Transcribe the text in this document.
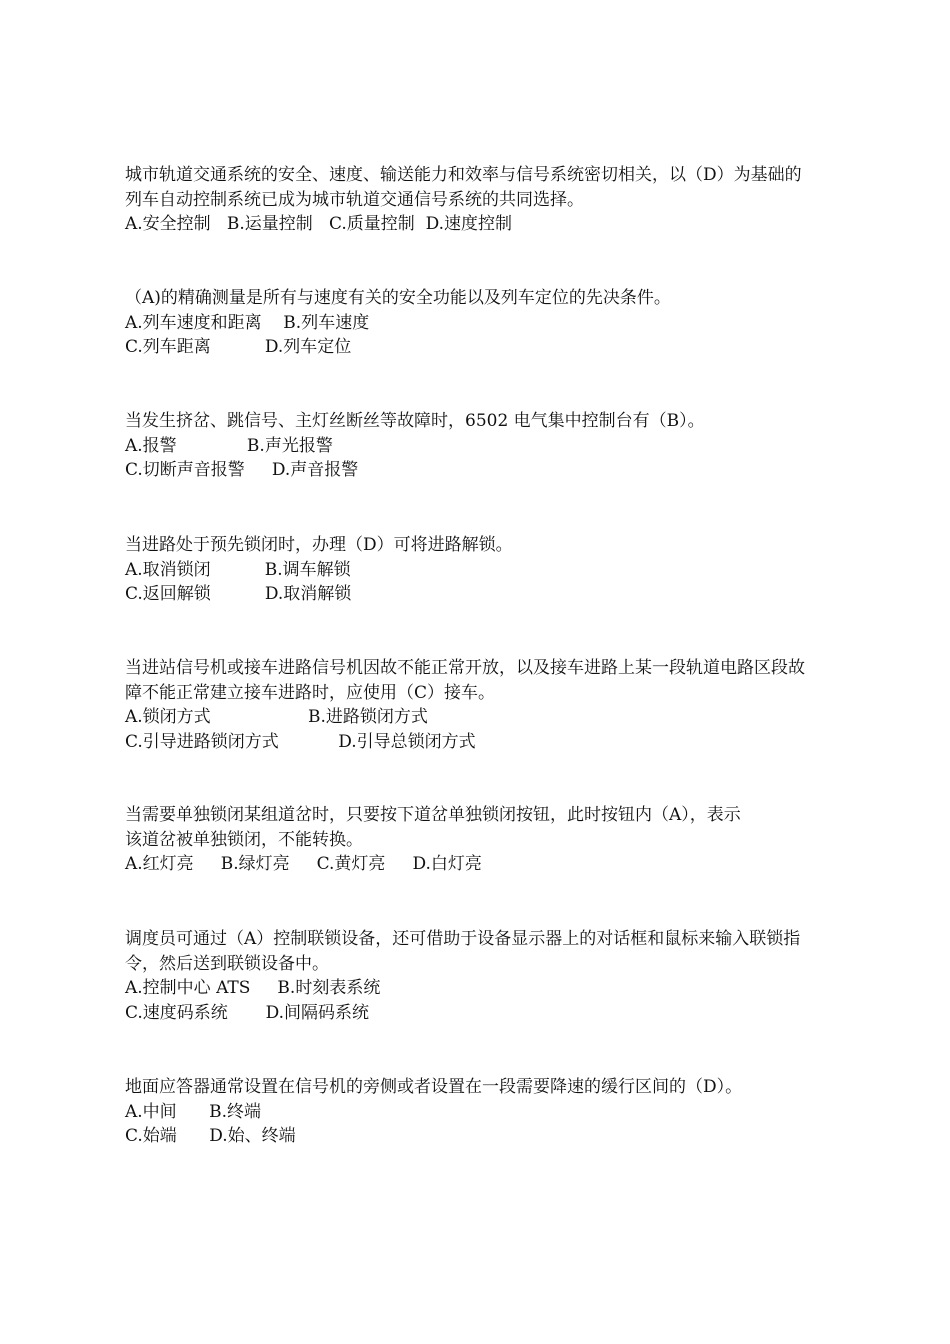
城市轨道交通系统的安全、速度、输送能力和效率与信号系统密切相关，以（D）为基础的
列车自动控制系统已成为城市轨道交通信号系统的共同选择。
A.安全控制   B.运量控制   C.质量控制  D.速度控制
（A)的精确测量是所有与速度有关的安全功能以及列车定位的先决条件。
A.列车速度和距离    B.列车速度
C.列车距离          D.列车定位
当发生挤岔、跳信号、主灯丝断丝等故障时，6502 电气集中控制台有（B）。
A.报警             B.声光报警
C.切断声音报警     D.声音报警
当进路处于预先锁闭时，办理（D）可将进路解锁。
A.取消锁闭          B.调车解锁
C.返回解锁          D.取消解锁
当进站信号机或接车进路信号机因故不能正常开放，以及接车进路上某一段轨道电路区段故
障不能正常建立接车进路时，应使用（C）接车。
A.锁闭方式                  B.进路锁闭方式
C.引导进路锁闭方式           D.引导总锁闭方式
当需要单独锁闭某组道岔时，只要按下道岔单独锁闭按钮，此时按钮内（A），表示
该道岔被单独锁闭，不能转换。
A.红灯亮     B.绿灯亮     C.黄灯亮     D.白灯亮
调度员可通过（A）控制联锁设备，还可借助于设备显示器上的对话框和鼠标来输入联锁指
令，然后送到联锁设备中。
A.控制中心 ATS     B.时刻表系统
C.速度码系统       D.间隔码系统
地面应答器通常设置在信号机的旁侧或者设置在一段需要降速的缓行区间的（D）。
A.中间      B.终端
C.始端      D.始、终端
